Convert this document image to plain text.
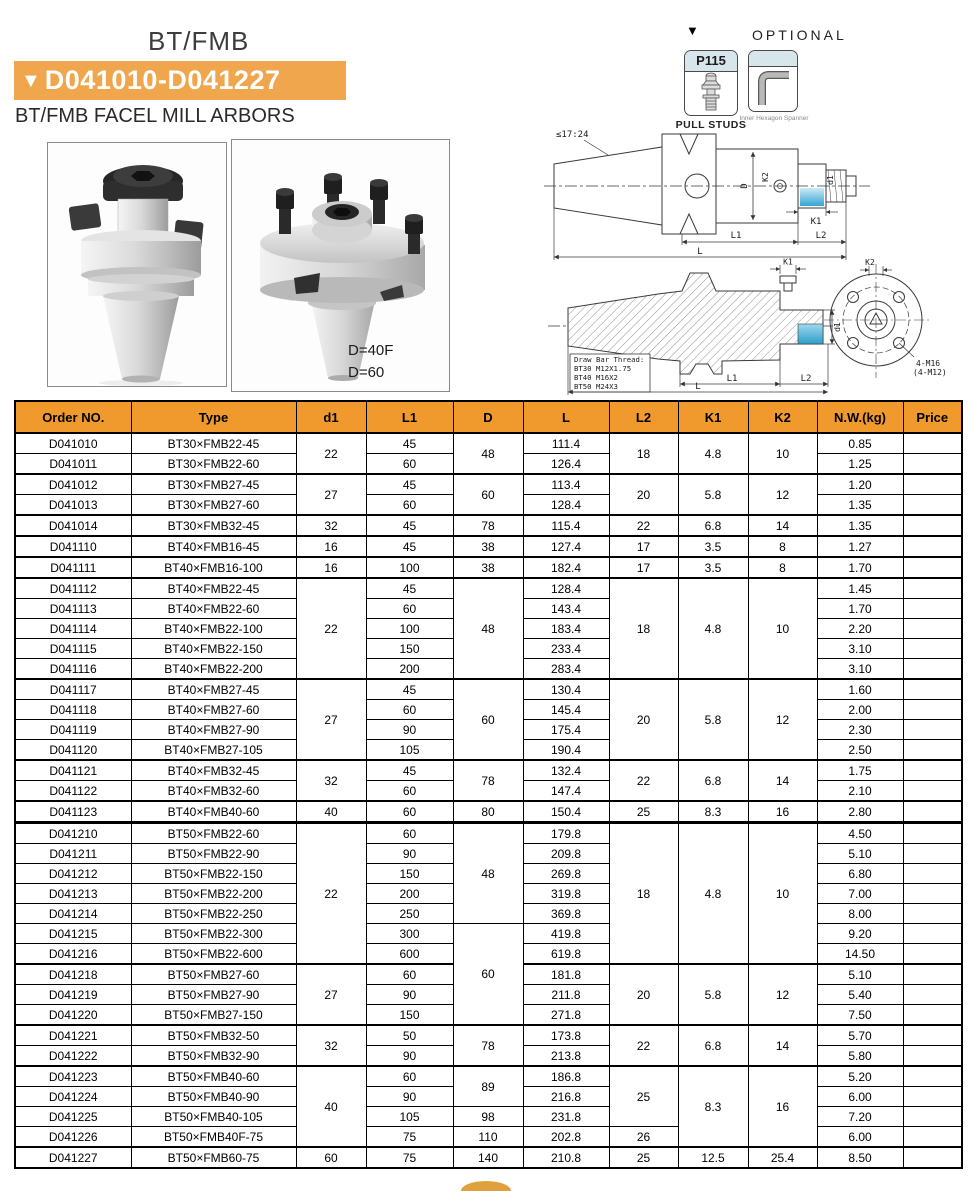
BT/FMB
▼ D041010-D041227
BT/FMB FACEL MILL ARBORS
D=40F
D=60
▼	OPTIONAL
P115
PULL STUDS
Inner Hexagon Spanner
≤17:24
D
K2	d1
K1
L1	L2
L
K1
d1
K2
L1	L2
L
Draw Bar Thread:
BT30 M12X1.75
BT40 M16X2
BT50 M24X3
4-M16
(4-M12)
Order NO.	Type	d1	L1	D	L	L2	K1	K2	N.W.(kg)	Price
D041010	BT30×FMB22-45	22	45	48	111.4	18	4.8	10	0.85	
D041011	BT30×FMB22-60		60		126.4				1.25	
D041012	BT30×FMB27-45	27	45	60	113.4	20	5.8	12	1.20	
D041013	BT30×FMB27-60		60		128.4				1.35	
D041014	BT30×FMB32-45	32	45	78	115.4	22	6.8	14	1.35	
D041110	BT40×FMB16-45	16	45	38	127.4	17	3.5	8	1.27	
D041111	BT40×FMB16-100	16	100	38	182.4	17	3.5	8	1.70	
D041112	BT40×FMB22-45	22	45	48	128.4	18	4.8	10	1.45	
D041113	BT40×FMB22-60		60		143.4				1.70	
D041114	BT40×FMB22-100		100		183.4				2.20	
D041115	BT40×FMB22-150		150		233.4				3.10	
D041116	BT40×FMB22-200		200		283.4				3.10	
D041117	BT40×FMB27-45	27	45	60	130.4	20	5.8	12	1.60	
D041118	BT40×FMB27-60		60		145.4				2.00	
D041119	BT40×FMB27-90		90		175.4				2.30	
D041120	BT40×FMB27-105		105		190.4				2.50	
D041121	BT40×FMB32-45	32	45	78	132.4	22	6.8	14	1.75	
D041122	BT40×FMB32-60		60		147.4				2.10	
D041123	BT40×FMB40-60	40	60	80	150.4	25	8.3	16	2.80	
D041210	BT50×FMB22-60	22	60	48	179.8	18	4.8	10	4.50	
D041211	BT50×FMB22-90		90		209.8				5.10	
D041212	BT50×FMB22-150		150		269.8				6.80	
D041213	BT50×FMB22-200		200		319.8				7.00	
D041214	BT50×FMB22-250		250		369.8				8.00	
D041215	BT50×FMB22-300		300	60	419.8				9.20	
D041216	BT50×FMB22-600		600		619.8				14.50	
D041218	BT50×FMB27-60	27	60		181.8	20	5.8	12	5.10	
D041219	BT50×FMB27-90		90		211.8				5.40	
D041220	BT50×FMB27-150		150		271.8				7.50	
D041221	BT50×FMB32-50	32	50	78	173.8	22	6.8	14	5.70	
D041222	BT50×FMB32-90		90		213.8				5.80	
D041223	BT50×FMB40-60	40	60	89	186.8	25	8.3	16	5.20	
D041224	BT50×FMB40-90		90		216.8				6.00	
D041225	BT50×FMB40-105		105	98	231.8				7.20	
D041226	BT50×FMB40F-75		75	110	202.8	26			6.00	
D041227	BT50×FMB60-75	60	75	140	210.8	25	12.5	25.4	8.50	
